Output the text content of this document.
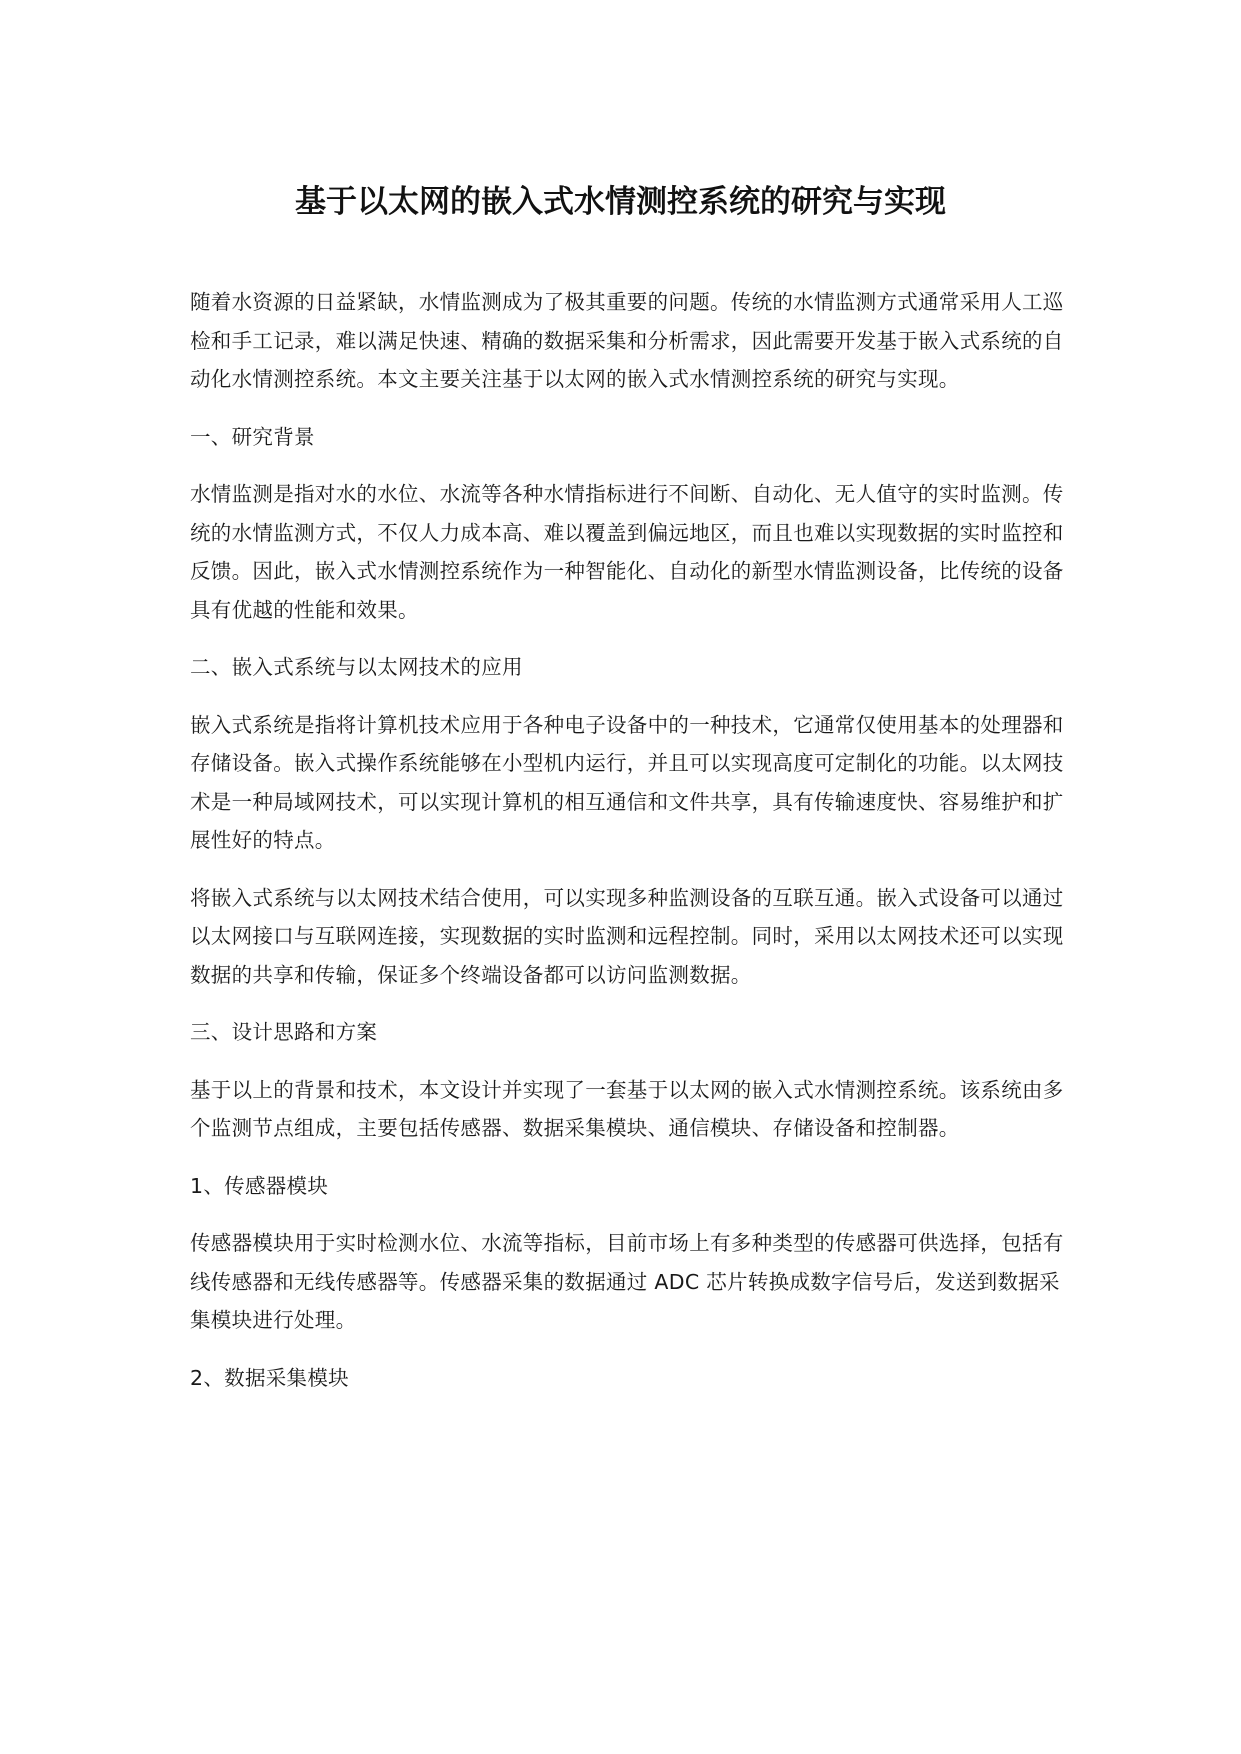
基于以太网的嵌入式水情测控系统的研究与实现

随着水资源的日益紧缺，水情监测成为了极其重要的问题。传统的水情监测方式通常采用人工巡检和手工记录，难以满足快速、精确的数据采集和分析需求，因此需要开发基于嵌入式系统的自动化水情测控系统。本文主要关注基于以太网的嵌入式水情测控系统的研究与实现。

一、研究背景

水情监测是指对水的水位、水流等各种水情指标进行不间断、自动化、无人值守的实时监测。传统的水情监测方式，不仅人力成本高、难以覆盖到偏远地区，而且也难以实现数据的实时监控和反馈。因此，嵌入式水情测控系统作为一种智能化、自动化的新型水情监测设备，比传统的设备具有优越的性能和效果。

二、嵌入式系统与以太网技术的应用

嵌入式系统是指将计算机技术应用于各种电子设备中的一种技术，它通常仅使用基本的处理器和存储设备。嵌入式操作系统能够在小型机内运行，并且可以实现高度可定制化的功能。以太网技术是一种局域网技术，可以实现计算机的相互通信和文件共享，具有传输速度快、容易维护和扩展性好的特点。

将嵌入式系统与以太网技术结合使用，可以实现多种监测设备的互联互通。嵌入式设备可以通过以太网接口与互联网连接，实现数据的实时监测和远程控制。同时，采用以太网技术还可以实现数据的共享和传输，保证多个终端设备都可以访问监测数据。

三、设计思路和方案

基于以上的背景和技术，本文设计并实现了一套基于以太网的嵌入式水情测控系统。该系统由多个监测节点组成，主要包括传感器、数据采集模块、通信模块、存储设备和控制器。

1、传感器模块

传感器模块用于实时检测水位、水流等指标，目前市场上有多种类型的传感器可供选择，包括有线传感器和无线传感器等。传感器采集的数据通过 ADC 芯片转换成数字信号后，发送到数据采集模块进行处理。

2、数据采集模块
